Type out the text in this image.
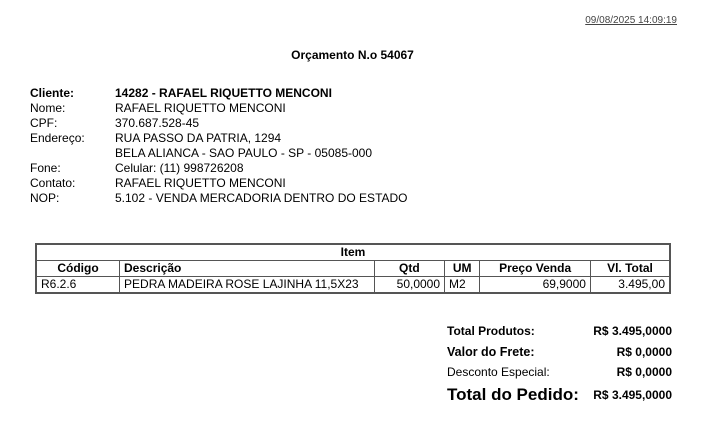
09/08/2025 14:09:19
Orçamento N.o 54067
Cliente:	14282 - RAFAEL RIQUETTO MENCONI
Nome:	RAFAEL RIQUETTO MENCONI
CPF:	370.687.528-45
Endereço:	RUA PASSO DA PATRIA, 1294
	BELA ALIANCA - SAO PAULO - SP - 05085-000
Fone:	Celular: (11) 998726208
Contato:	RAFAEL RIQUETTO MENCONI
NOP:	5.102 - VENDA MERCADORIA DENTRO DO ESTADO
Item					
Código	Descrição	Qtd	UM	Preço Venda	Vl. Total
R6.2.6	PEDRA MADEIRA ROSE LAJINHA 11,5X23	50,0000	M2	69,9000	3.495,00
Total Produtos:	R$ 3.495,0000
Valor do Frete:	R$ 0,0000
Desconto Especial:	R$ 0,0000
Total do Pedido: R$ 3.495,0000
